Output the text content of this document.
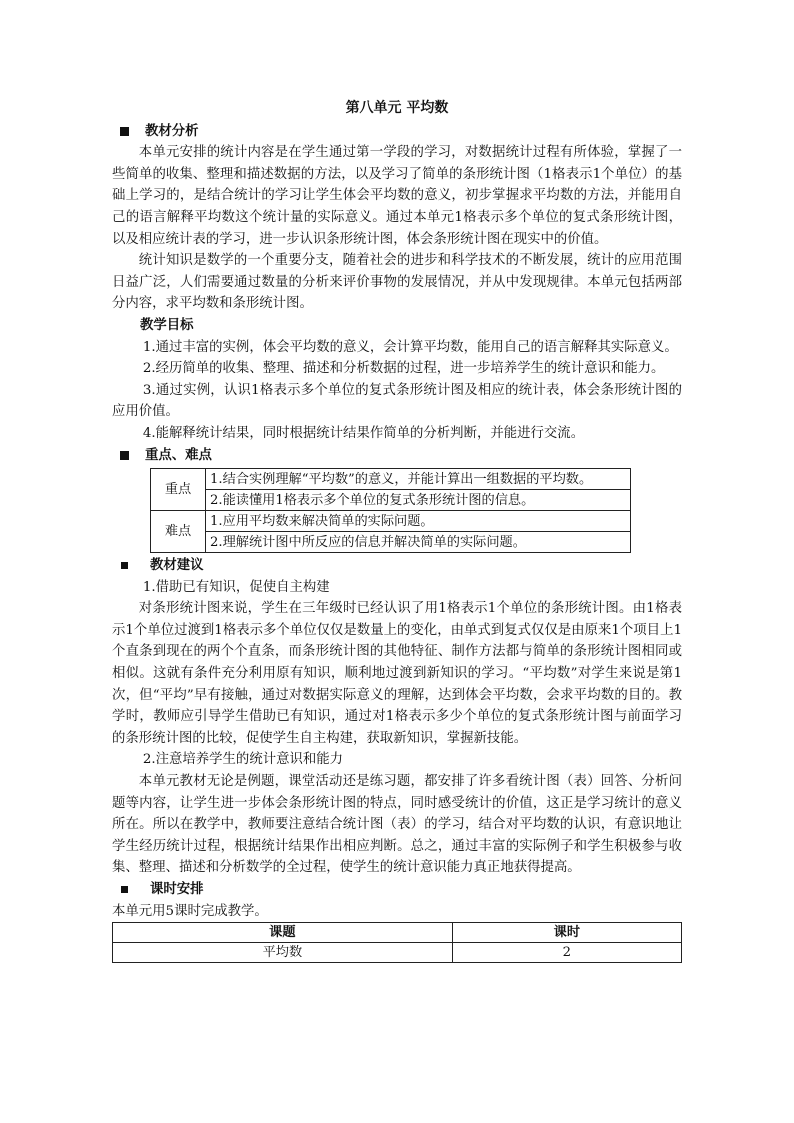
第八单元 平均数
教材分析

本单元安排的统计内容是在学生通过第一学段的学习，对数据统计过程有所体验，掌握了一些简单的收集、整理和描述数据的方法，以及学习了简单的条形统计图（1格表示1个单位）的基础上学习的，是结合统计的学习让学生体会平均数的意义，初步掌握求平均数的方法，并能用自己的语言解释平均数这个统计量的实际意义。通过本单元1格表示多个单位的复式条形统计图，以及相应统计表的学习，进一步认识条形统计图，体会条形统计图在现实中的价值。

统计知识是数学的一个重要分支，随着社会的进步和科学技术的不断发展，统计的应用范围日益广泛，人们需要通过数量的分析来评价事物的发展情况，并从中发现规律。本单元包括两部分内容，求平均数和条形统计图。

教学目标

1.通过丰富的实例，体会平均数的意义，会计算平均数，能用自己的语言解释其实际意义。

2.经历简单的收集、整理、描述和分析数据的过程，进一步培养学生的统计意识和能力。

3.通过实例，认识1格表示多个单位的复式条形统计图及相应的统计表，体会条形统计图的应用价值。

4.能解释统计结果，同时根据统计结果作简单的分析判断，并能进行交流。

重点、难点
重点	1.结合实例理解“平均数”的意义，并能计算出一组数据的平均数。
	2.能读懂用1格表示多个单位的复式条形统计图的信息。
难点	1.应用平均数来解决简单的实际问题。
	2.理解统计图中所反应的信息并解决简单的实际问题。
教材建议

1.借助已有知识，促使自主构建

对条形统计图来说，学生在三年级时已经认识了用1格表示1个单位的条形统计图。由1格表示1个单位过渡到1格表示多个单位仅仅是数量上的变化，由单式到复式仅仅是由原来1个项目上1个直条到现在的两个个直条，而条形统计图的其他特征、制作方法都与简单的条形统计图相同或相似。这就有条件充分利用原有知识，顺利地过渡到新知识的学习。“平均数”对学生来说是第1次，但“平均”早有接触，通过对数据实际意义的理解，达到体会平均数，会求平均数的目的。教学时，教师应引导学生借助已有知识，通过对1格表示多少个单位的复式条形统计图与前面学习的条形统计图的比较，促使学生自主构建，获取新知识，掌握新技能。

2.注意培养学生的统计意识和能力

本单元教材无论是例题，课堂活动还是练习题，都安排了许多看统计图（表）回答、分析问题等内容，让学生进一步体会条形统计图的特点，同时感受统计的价值，这正是学习统计的意义所在。所以在教学中，教师要注意结合统计图（表）的学习，结合对平均数的认识，有意识地让学生经历统计过程，根据统计结果作出相应判断。总之，通过丰富的实际例子和学生积极参与收集、整理、描述和分析数学的全过程，使学生的统计意识能力真正地获得提高。

课时安排

本单元用5课时完成教学。

课题	课时
平均数	2
